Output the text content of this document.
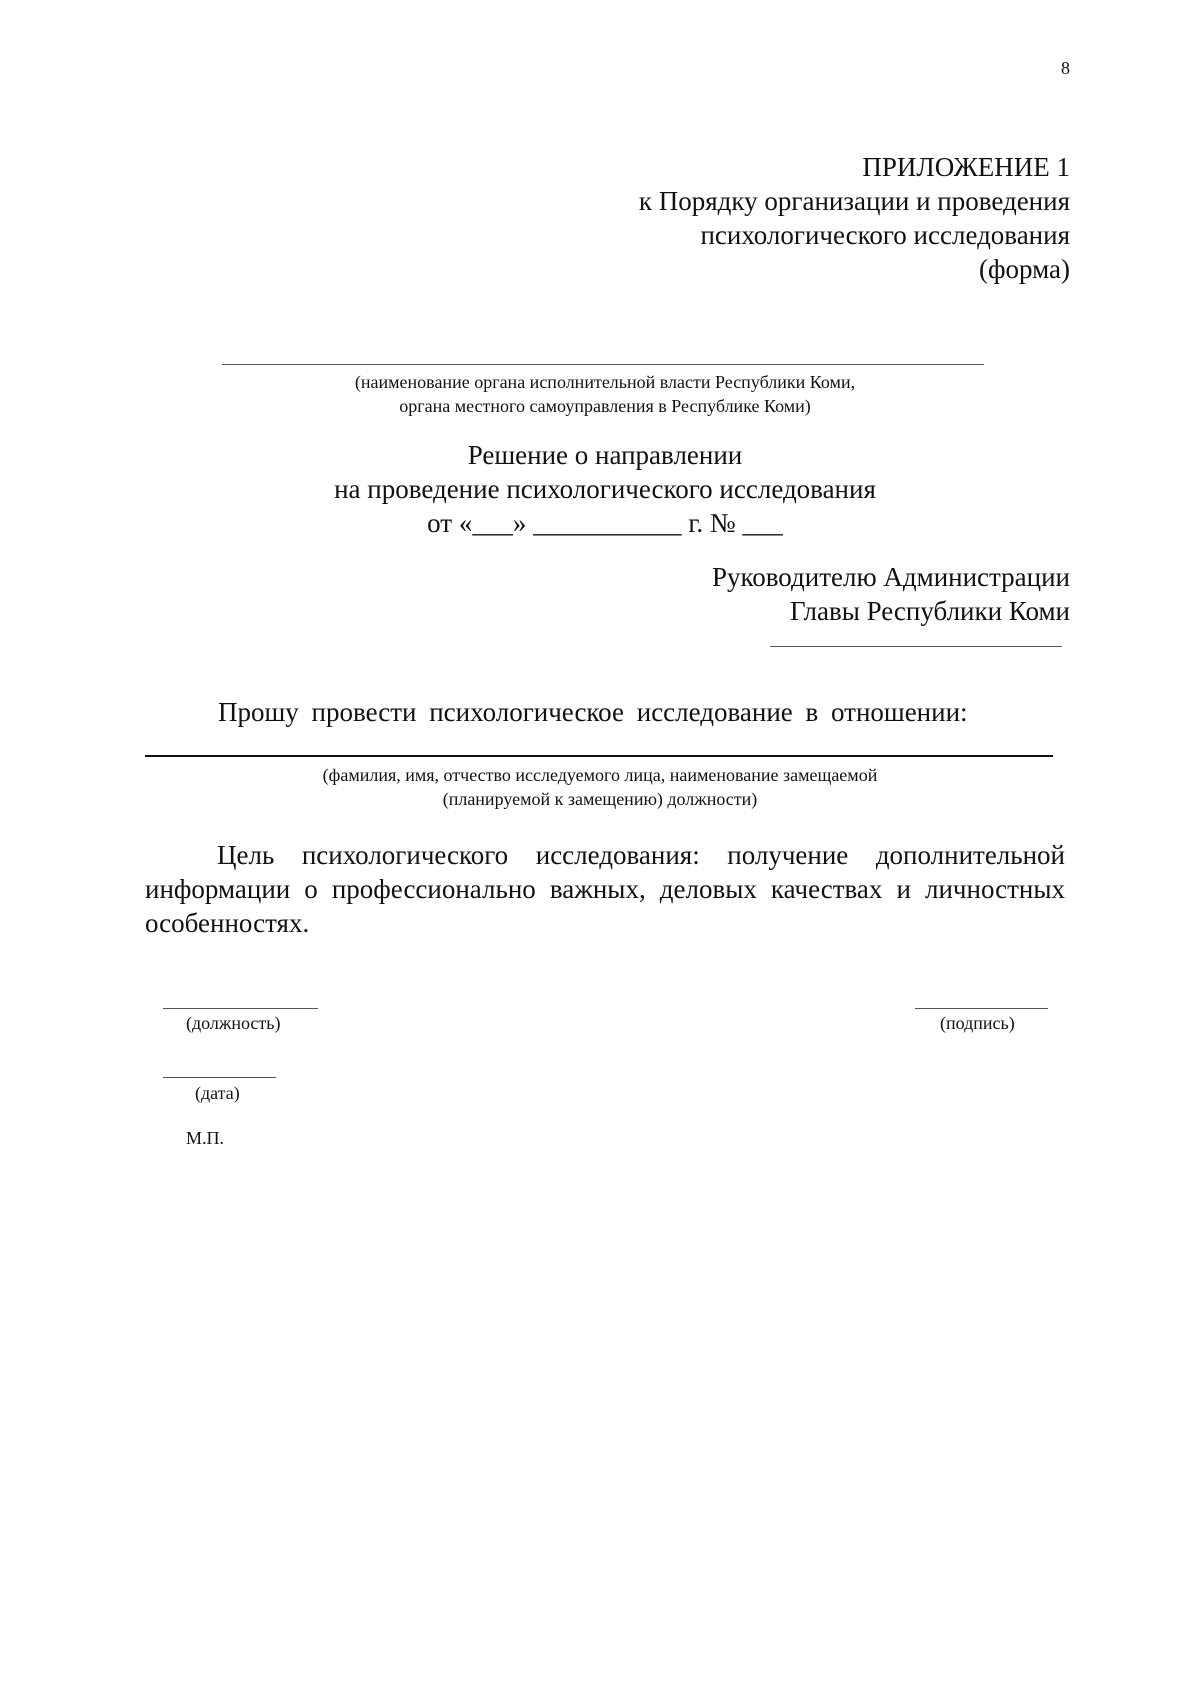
8
ПРИЛОЖЕНИЕ 1
к Порядку организации и проведения
психологического исследования
(форма)
(наименование органа исполнительной власти Республики Коми,
органа местного самоуправления в Республике Коми)
Решение о направлении
на проведение психологического исследования
от «___» ___________ г. № ___
Руководителю Администрации
Главы Республики Коми
Прошу провести психологическое исследование в отношении:
(фамилия, имя, отчество исследуемого лица, наименование замещаемой
(планируемой к замещению) должности)
Цель психологического исследования: получение дополнительной информации о профессионально важных, деловых качествах и личностных особенностях.
(должность)	(подпись)
(дата)
М.П.
